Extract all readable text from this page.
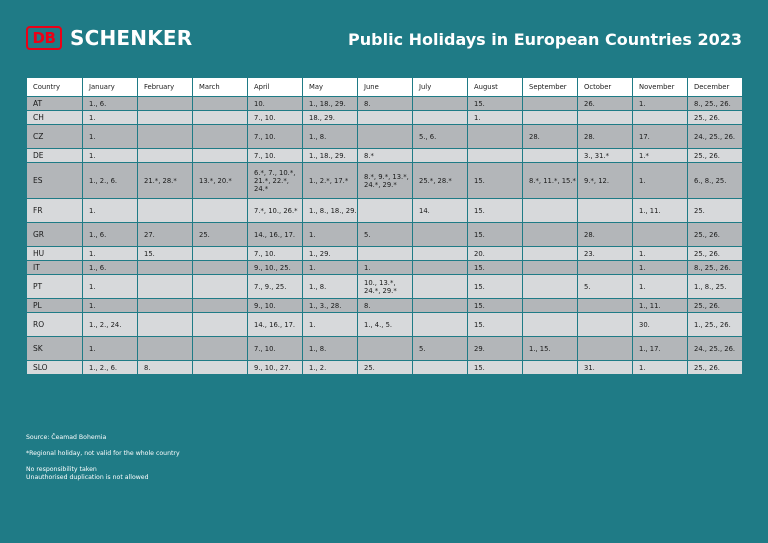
DB SCHENKER	Public Holidays in European Countries 2023
Country	January	February	March	April	May	June	July	August	September	October	November	December
AT	1., 6.			10.	1., 18., 29.	8.		15.		26.	1.	8., 25., 26.
CH	1.			7., 10.	18., 29.			1.				25., 26.
CZ	1.			7., 10.	1., 8.		5., 6.		28.	28.	17.	24., 25., 26.
DE	1.			7., 10.	1., 18., 29.	8.*				3., 31.*	1.*	25., 26.
ES	1., 2., 6.	21.*, 28.*	13.*, 20.*	6.*, 7., 10.*, 21.*, 22.*, 24.*	1., 2.*, 17.*	8.*, 9.*, 13.*, 24.*, 29.*	25.*, 28.*	15.	8.*, 11.*, 15.*	9.*, 12.	1.	6., 8., 25.
FR	1.			7.*, 10., 26.*	1., 8., 18., 29.		14.	15.			1., 11.	25.
GR	1., 6.	27.	25.	14., 16., 17.	1.	5.		15.		28.		25., 26.
HU	1.	15.		7., 10.	1., 29.			20.		23.	1.	25., 26.
IT	1., 6.			9., 10., 25.	1.	1.		15.			1.	8., 25., 26.
PT	1.			7., 9., 25.	1., 8.	10., 13.*, 24.*, 29.*		15.		5.	1.	1., 8., 25.
PL	1.			9., 10.	1., 3., 28.	8.		15.			1., 11.	25., 26.
RO	1., 2., 24.			14., 16., 17.	1.	1., 4., 5.		15.			30.	1., 25., 26.
SK	1.			7., 10.	1., 8.		5.	29.	1., 15.		1., 17.	24., 25., 26.
SLO	1., 2., 6.	8.		9., 10., 27.	1., 2.	25.		15.		31.	1.	25., 26.

Source: Čeamad Bohemia

*Regional holiday, not valid for the whole country

No responsibility taken

Unauthorised duplication is not allowed
